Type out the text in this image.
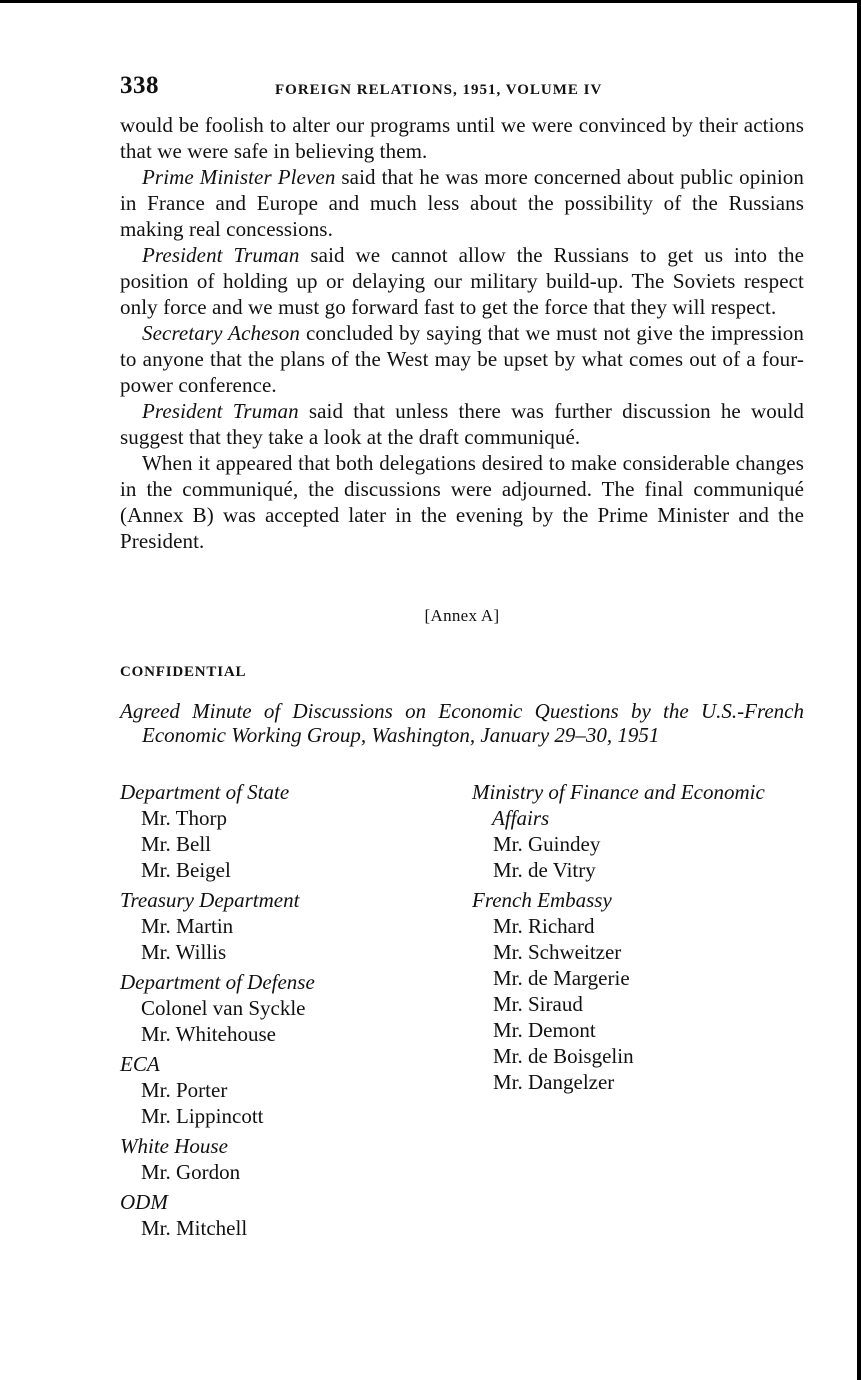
338	FOREIGN RELATIONS, 1951, VOLUME IV

would be foolish to alter our programs until we were convinced by their actions that we were safe in believing them.

Prime Minister Pleven said that he was more concerned about public opinion in France and Europe and much less about the possibility of the Russians making real concessions.

President Truman said we cannot allow the Russians to get us into the position of holding up or delaying our military build-up. The Soviets respect only force and we must go forward fast to get the force that they will respect.

Secretary Acheson concluded by saying that we must not give the impression to anyone that the plans of the West may be upset by what comes out of a four-power conference.

President Truman said that unless there was further discussion he would suggest that they take a look at the draft communiqué.

When it appeared that both delegations desired to make considerable changes in the communiqué, the discussions were adjourned. The final communiqué (Annex B) was accepted later in the evening by the Prime Minister and the President.

[Annex A]
CONFIDENTIAL
Agreed Minute of Discussions on Economic Questions by the U.S.-French Economic Working Group, Washington, January 29–30, 1951
Department of State
Mr. Thorp
Mr. Bell
Mr. Beigel
Treasury Department
Mr. Martin
Mr. Willis
Department of Defense
Colonel van Syckle
Mr. Whitehouse
ECA
Mr. Porter
Mr. Lippincott
White House
Mr. Gordon
ODM
Mr. Mitchell
Ministry of Finance and Economic Affairs
Mr. Guindey
Mr. de Vitry
French Embassy
Mr. Richard
Mr. Schweitzer
Mr. de Margerie
Mr. Siraud
Mr. Demont
Mr. de Boisgelin
Mr. Dangelzer
